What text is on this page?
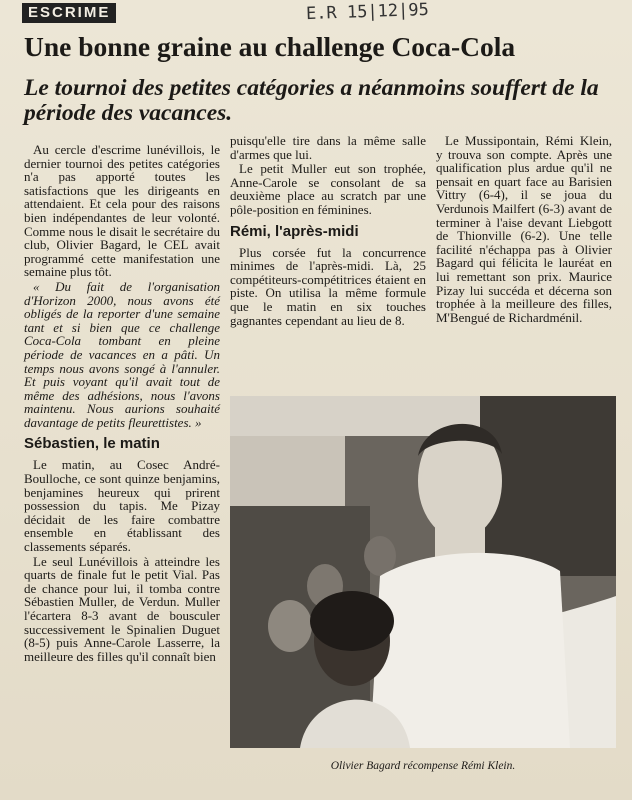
ESCRIME	E.R 15|12|95
Une bonne graine au challenge Coca-Cola
Le tournoi des petites catégories a néanmoins souffert de la période des vacances.

Au cercle d'escrime lunévillois, le dernier tournoi des petites catégories n'a pas apporté toutes les satisfactions que les dirigeants en attendaient. Et cela pour des raisons bien indépendantes de leur volonté. Comme nous le disait le secrétaire du club, Olivier Bagard, le CEL avait programmé cette manifestation une semaine plus tôt.

« Du fait de l'organisation d'Horizon 2000, nous avons été obligés de la reporter d'une semaine tant et si bien que ce challenge Coca-Cola tombant en pleine période de vacances en a pâti. Un temps nous avons songé à l'annuler. Et puis voyant qu'il avait tout de même des adhésions, nous l'avons maintenu. Nous aurions souhaité davantage de petits fleurettistes. »

Sébastien, le matin

Le matin, au Cosec André-Boulloche, ce sont quinze benjamins, benjamines heureux qui prirent possession du tapis. Me Pizay décidait de les faire combattre ensemble en établissant des classements séparés.

Le seul Lunévillois à atteindre les quarts de finale fut le petit Vial. Pas de chance pour lui, il tomba contre Sébastien Muller, de Verdun. Muller l'écartera 8-3 avant de bousculer successivement le Spinalien Duguet (8-5) puis Anne-Carole Lasserre, la meilleure des filles qu'il connaît bien

puisqu'elle tire dans la même salle d'armes que lui.

Le petit Muller eut son trophée, Anne-Carole se consolant de sa deuxième place au scratch par une pôle-position en féminines.

Rémi, l'après-midi

Plus corsée fut la concurrence minimes de l'après-midi. Là, 25 compétiteurs-compétitrices étaient en piste. On utilisa la même formule que le matin en six touches gagnantes cependant au lieu de 8.

Le Mussipontain, Rémi Klein, y trouva son compte. Après une qualification plus ardue qu'il ne pensait en quart face au Barisien Vittry (6-4), il se joua du Verdunois Mailfert (6-3) avant de terminer à l'aise devant Liebgott de Thionville (6-2). Une telle facilité n'échappa pas à Olivier Bagard qui félicita le lauréat en lui remettant son prix. Maurice Pizay lui succéda et décerna son trophée à la meilleure des filles, M'Bengué de Richardménil.

Olivier Bagard récompense Rémi Klein.
